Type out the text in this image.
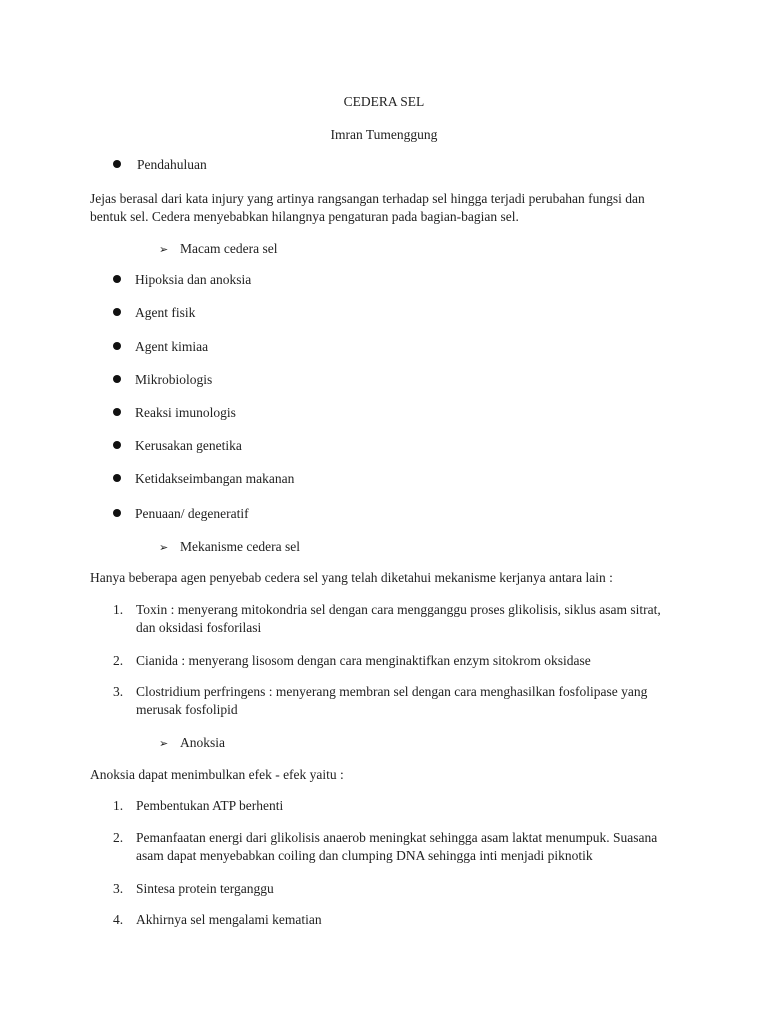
CEDERA SEL
Imran Tumenggung
Pendahuluan
Jejas berasal dari kata injury yang artinya rangsangan terhadap sel hingga terjadi perubahan fungsi dan bentuk sel. Cedera menyebabkan hilangnya pengaturan pada bagian-bagian sel.
➢ Macam cedera sel
Hipoksia dan anoksia
Agent fisik
Agent kimiaa
Mikrobiologis
Reaksi imunologis
Kerusakan genetika
Ketidakseimbangan makanan
Penuaan/ degeneratif
➢ Mekanisme cedera sel
Hanya beberapa agen penyebab cedera sel yang telah diketahui mekanisme kerjanya antara lain :
1. Toxin : menyerang mitokondria sel dengan cara mengganggu proses glikolisis, siklus asam sitrat, dan oksidasi fosforilasi
2. Cianida : menyerang lisosom dengan cara menginaktifkan enzym sitokrom oksidase
3. Clostridium perfringens : menyerang membran sel dengan cara menghasilkan fosfolipase yang merusak fosfolipid
➢ Anoksia
Anoksia dapat menimbulkan efek - efek yaitu :
1. Pembentukan ATP berhenti
2. Pemanfaatan energi dari glikolisis anaerob meningkat sehingga asam laktat menumpuk. Suasana asam dapat menyebabkan coiling dan clumping DNA sehingga inti menjadi piknotik
3. Sintesa protein terganggu
4. Akhirnya sel mengalami kematian
